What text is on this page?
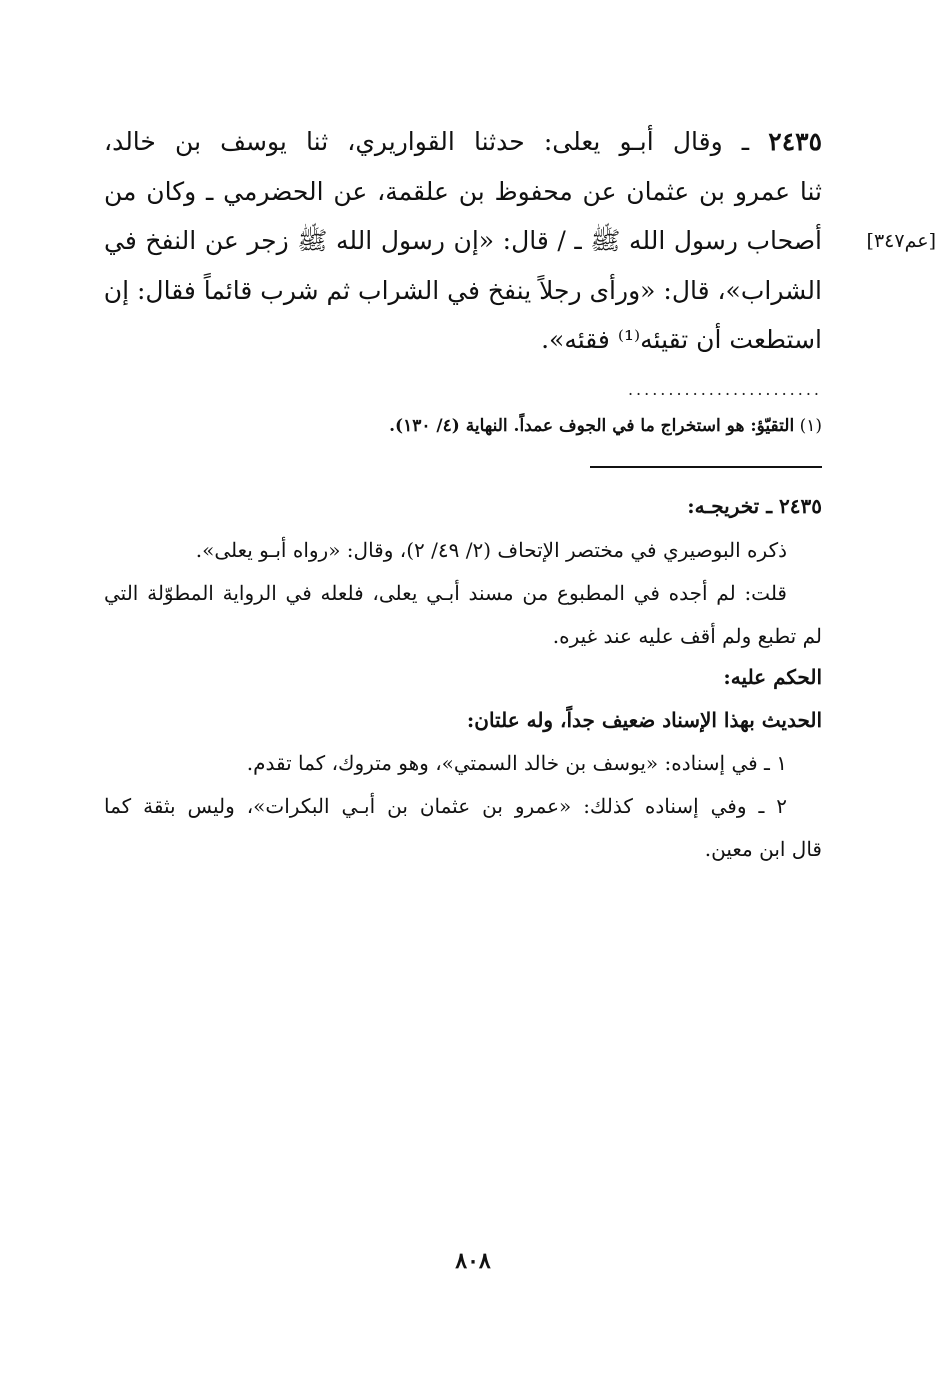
٢٤٣٥ ـ وقال أبـو يعلى: حدثنا القواريري، ثنا يوسف بن خالد،
ثنا عمرو بن عثمان عن محفوظ بن علقمة، عن الحضرمي ـ وكان من
أصحاب رسول الله ﷺ ـ / قال: «إن رسول الله ﷺ زجر عن النفخ في	[عم٣٤٧]
الشراب»، قال: «ورأى رجلاً ينفخ في الشراب ثم شرب قائماً فقال: إن
استطعت أن تقيئه⁽¹⁾ فقئه».
........................
(١) التقيّؤ: هو استخراج ما في الجوف عمداً. النهاية (٤/ ١٣٠).
٢٤٣٥ ـ تخريجـه:
ذكره البوصيري في مختصر الإتحاف (٢/ ٤٩/ ٢)، وقال: «رواه أبـو يعلى».
قلت: لم أجده في المطبوع من مسند أبـي يعلى، فلعله في الرواية المطوّلة التي
لم تطبع ولم أقف عليه عند غيره.
الحكم عليه:
الحديث بهذا الإسناد ضعيف جداً، وله علتان:
١ ـ في إسناده: «يوسف بن خالد السمتي»، وهو متروك، كما تقدم.
٢ ـ وفي إسناده كذلك: «عمرو بن عثمان بن أبـي البكرات»، وليس بثقة كما
قال ابن معين.
٨٠٨
